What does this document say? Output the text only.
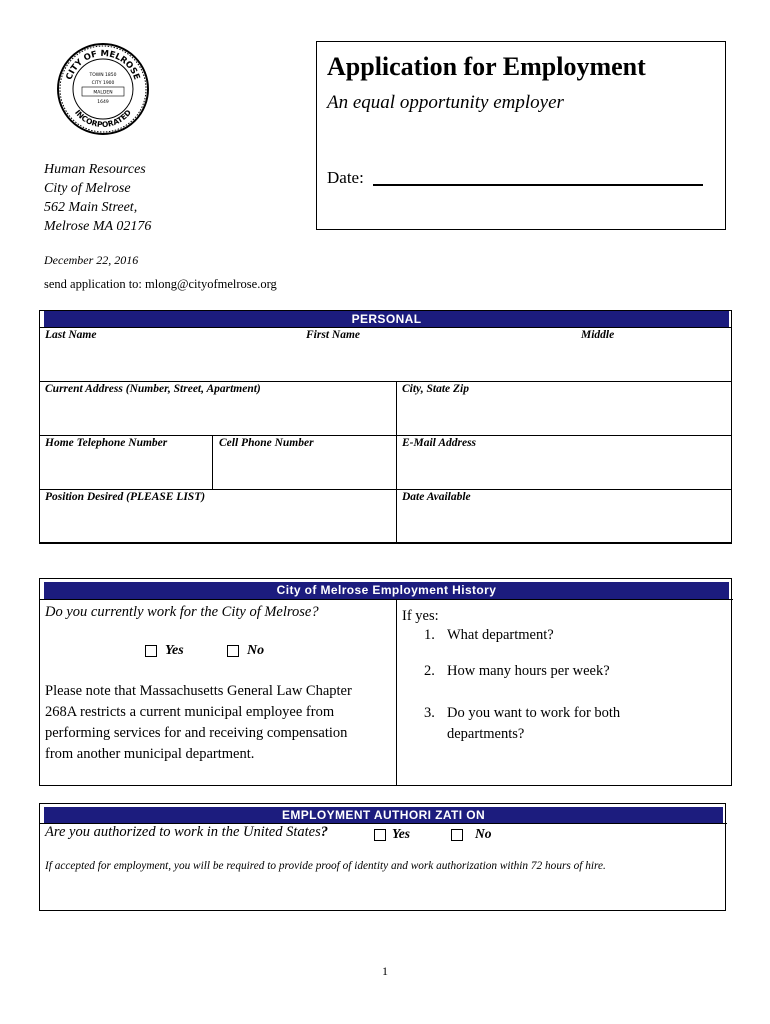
CITY OF MELROSE
INCORPORATED
TOWN 1850
CITY 1900
MALDEN
1649
Application for Employment
An equal opportunity employer
Date:
Human Resources
City of Melrose
562 Main Street,
Melrose MA 02176
December 22, 2016
send application to: mlong@cityofmelrose.org
PERSONAL
Last Name	First Name	Middle
Current Address (Number, Street, Apartment)	City, State Zip
Home Telephone Number	Cell Phone Number	E-Mail Address
Position Desired (PLEASE LIST)	Date Available
City of Melrose Employment History
Do you currently work for the City of Melrose?
Yes	No
Please note that Massachusetts General Law Chapter 268A restricts a current municipal employee from performing services for and receiving compensation from another municipal department.
If yes:
1. What department?
2. How many hours per week?
3. Do you want to work for both
departments?
EMPLOYMENT AUTHORI ZATI ON
Are you authorized to work in the United States?	Yes	No
If accepted for employment, you will be required to provide proof of identity and work authorization within 72 hours of hire.
1
